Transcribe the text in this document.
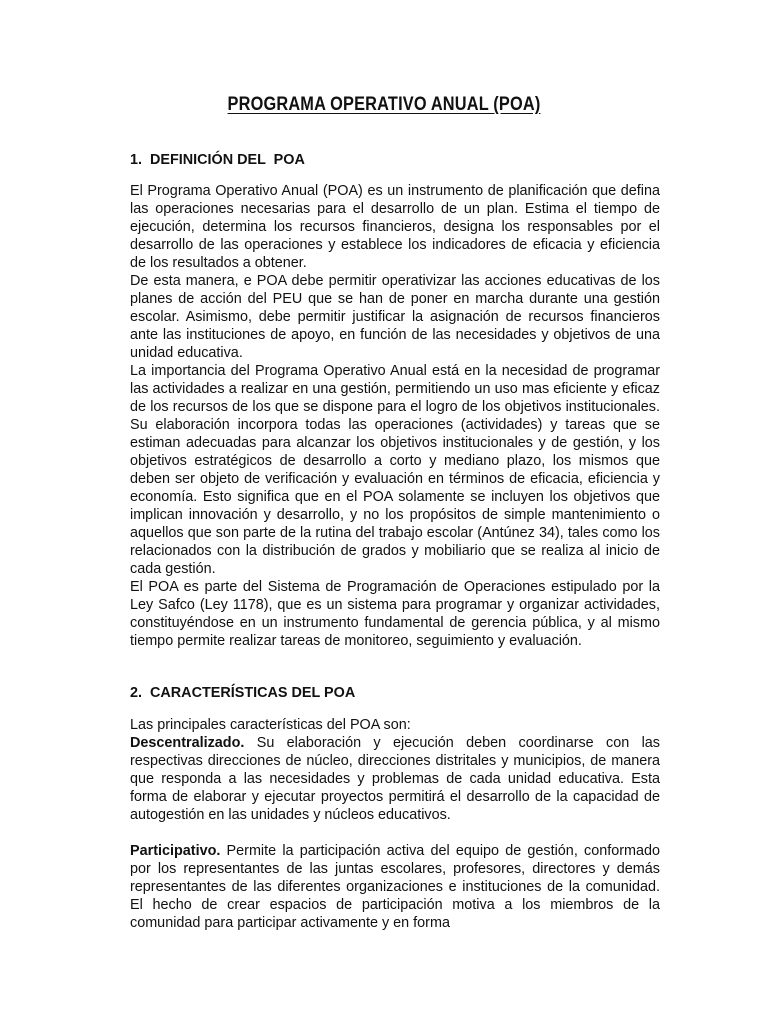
PROGRAMA OPERATIVO ANUAL (POA)
1.  DEFINICIÓN DEL  POA

El Programa Operativo Anual (POA) es un instrumento de planificación que defina las operaciones necesarias para el desarrollo de un plan. Estima el tiempo de ejecución, determina los recursos financieros, designa los responsables por el desarrollo de las operaciones y establece los indicadores de eficacia y eficiencia de los resultados a obtener.

De esta manera, e POA debe permitir operativizar las acciones educativas de los planes de acción del PEU que se han de poner en marcha durante una gestión escolar. Asimismo, debe permitir justificar la asignación de recursos financieros ante las instituciones de apoyo, en función de las necesidades y objetivos de una unidad educativa.

La importancia del Programa Operativo Anual está en la necesidad de programar las actividades a realizar en una gestión, permitiendo un uso mas eficiente y eficaz de los recursos de los que se dispone para el logro de los objetivos institucionales. Su elaboración incorpora todas las operaciones (actividades) y tareas que se estiman adecuadas para alcanzar los objetivos institucionales y de gestión, y los objetivos estratégicos de desarrollo a corto y mediano plazo, los mismos que deben ser objeto de verificación y evaluación en términos de eficacia, eficiencia y economía. Esto significa que en el POA solamente se incluyen los objetivos que implican innovación y desarrollo, y no los propósitos de simple mantenimiento o aquellos que son parte de la rutina del trabajo escolar (Antúnez 34), tales como los relacionados con la distribución de grados y mobiliario que se realiza al inicio de cada gestión.

El POA es parte del Sistema de Programación de Operaciones estipulado por la Ley Safco (Ley 1178), que es un sistema para programar y organizar actividades, constituyéndose en un instrumento fundamental de gerencia pública, y al mismo tiempo permite realizar tareas de monitoreo, seguimiento y evaluación.

2.  CARACTERÍSTICAS DEL POA

Las principales características del POA son:

Descentralizado. Su elaboración y ejecución deben coordinarse con las respectivas direcciones de núcleo, direcciones distritales y municipios, de manera que responda a las necesidades y problemas de cada unidad educativa. Esta forma de elaborar y ejecutar proyectos permitirá el desarrollo de la capacidad de autogestión en las unidades y núcleos educativos.

Participativo. Permite la participación activa del equipo de gestión, conformado por los representantes de las juntas escolares, profesores, directores y demás representantes de las diferentes organizaciones e instituciones de la comunidad. El hecho de crear espacios de participación motiva a los miembros de la comunidad para participar activamente y en forma
